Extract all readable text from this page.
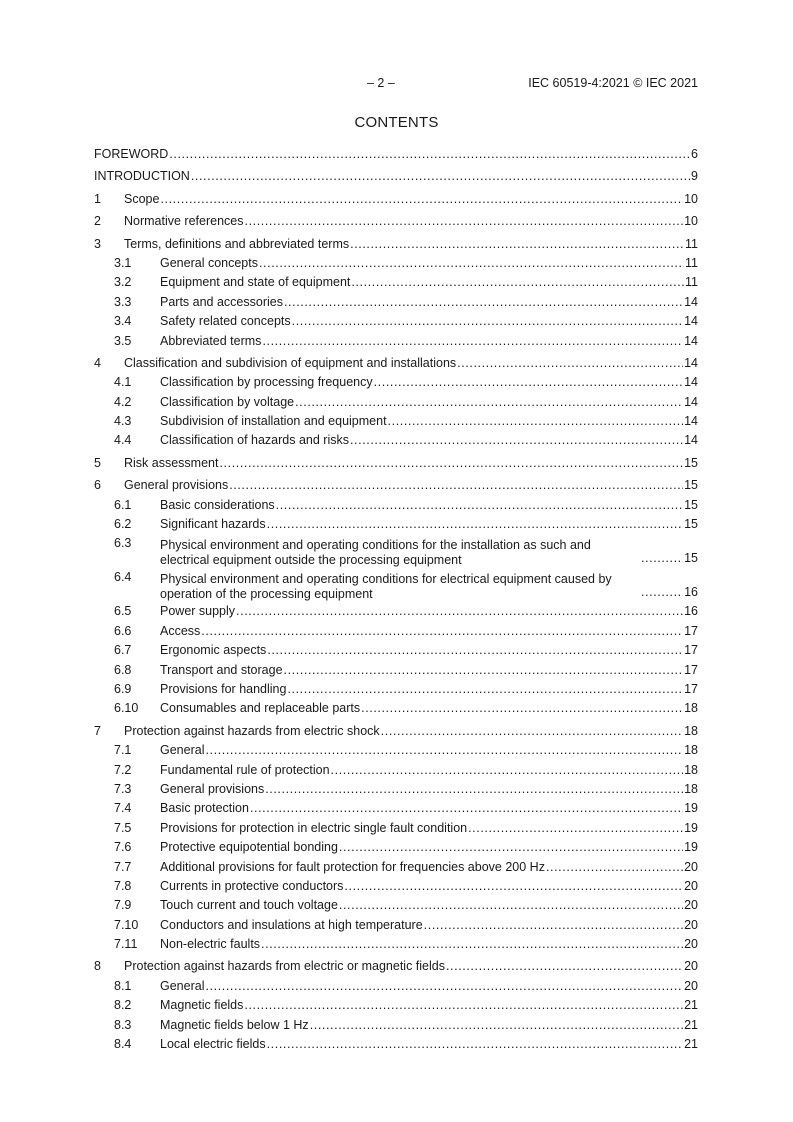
– 2 –	IEC 60519-4:2021 © IEC 2021
CONTENTS
FOREWORD .....	6
INTRODUCTION .....	9
1 Scope .....	10
2 Normative references .....	10
3 Terms, definitions and abbreviated terms .....	11
3.1 General concepts .....	11
3.2 Equipment and state of equipment .....	11
3.3 Parts and accessories .....	14
3.4 Safety related concepts .....	14
3.5 Abbreviated terms .....	14
4 Classification and subdivision of equipment and installations .....	14
4.1 Classification by processing frequency .....	14
4.2 Classification by voltage .....	14
4.3 Subdivision of installation and equipment .....	14
4.4 Classification of hazards and risks .....	14
5 Risk assessment .....	15
6 General provisions .....	15
6.1 Basic considerations .....	15
6.2 Significant hazards .....	15
6.3 Physical environment and operating conditions for the installation as such and electrical equipment outside the processing equipment .....	15
6.4 Physical environment and operating conditions for electrical equipment caused by operation of the processing equipment .....	16
6.5 Power supply .....	16
6.6 Access .....	17
6.7 Ergonomic aspects .....	17
6.8 Transport and storage .....	17
6.9 Provisions for handling .....	17
6.10 Consumables and replaceable parts .....	18
7 Protection against hazards from electric shock .....	18
7.1 General .....	18
7.2 Fundamental rule of protection .....	18
7.3 General provisions .....	18
7.4 Basic protection .....	19
7.5 Provisions for protection in electric single fault condition .....	19
7.6 Protective equipotential bonding .....	19
7.7 Additional provisions for fault protection for frequencies above 200 Hz .....	20
7.8 Currents in protective conductors .....	20
7.9 Touch current and touch voltage .....	20
7.10 Conductors and insulations at high temperature .....	20
7.11 Non-electric faults .....	20
8 Protection against hazards from electric or magnetic fields .....	20
8.1 General .....	20
8.2 Magnetic fields .....	21
8.3 Magnetic fields below 1 Hz .....	21
8.4 Local electric fields .....	21
